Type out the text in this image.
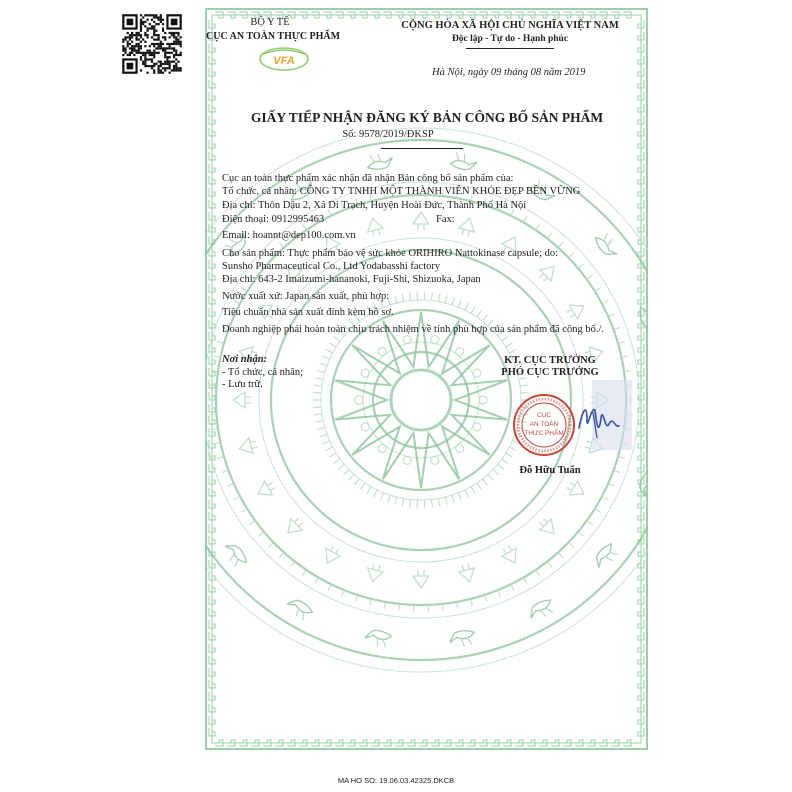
BỘ Y TẾ
CỤC AN TOÀN THỰC PHẨM
VFA
CỘNG HÒA XÃ HỘI CHỦ NGHĨA VIỆT NAM
Độc lập - Tự do - Hạnh phúc
Hà Nội, ngày 09 tháng 08 năm 2019
GIẤY TIẾP NHẬN ĐĂNG KÝ BẢN CÔNG BỐ SẢN PHẨM
Số: 9578/2019/ĐKSP
Cục an toàn thực phẩm xác nhận đã nhận Bản công bố sản phẩm của:
Tổ chức, cá nhân: CÔNG TY TNHH MỘT THÀNH VIÊN KHỎE ĐẸP BỀN VỮNG
Địa chỉ: Thôn Dậu 2, Xã Di Trạch, Huyện Hoài Đức, Thành Phố Hà Nội
Điện thoại: 0912995463	Fax:
Email: hoannt@dep100.com.vn
Cho sản phẩm: Thực phẩm bảo vệ sức khỏe ORIHIRO Nattokinase capsule; do:
Sunsho Pharmaceutical Co., Ltd Yodabasshi factory
Địa chỉ: 643-2 Imaizumi-hananoki, Fuji-Shi, Shizuoka, Japan
Nước xuất xứ: Japan sản xuất, phù hợp:
Tiêu chuẩn nhà sản xuất đính kèm hồ sơ.
Doanh nghiệp phải hoàn toàn chịu trách nhiệm về tính phù hợp của sản phẩm đã công bố./.
Nơi nhận:
- Tổ chức, cá nhân;
- Lưu trữ.
KT. CỤC TRƯỞNG
PHÓ CỤC TRƯỞNG
CỤC
AN TOÀN
THỰC PHẨM
Đỗ Hữu Tuấn
MA HO SO: 19.06.03.42325.DKCB
